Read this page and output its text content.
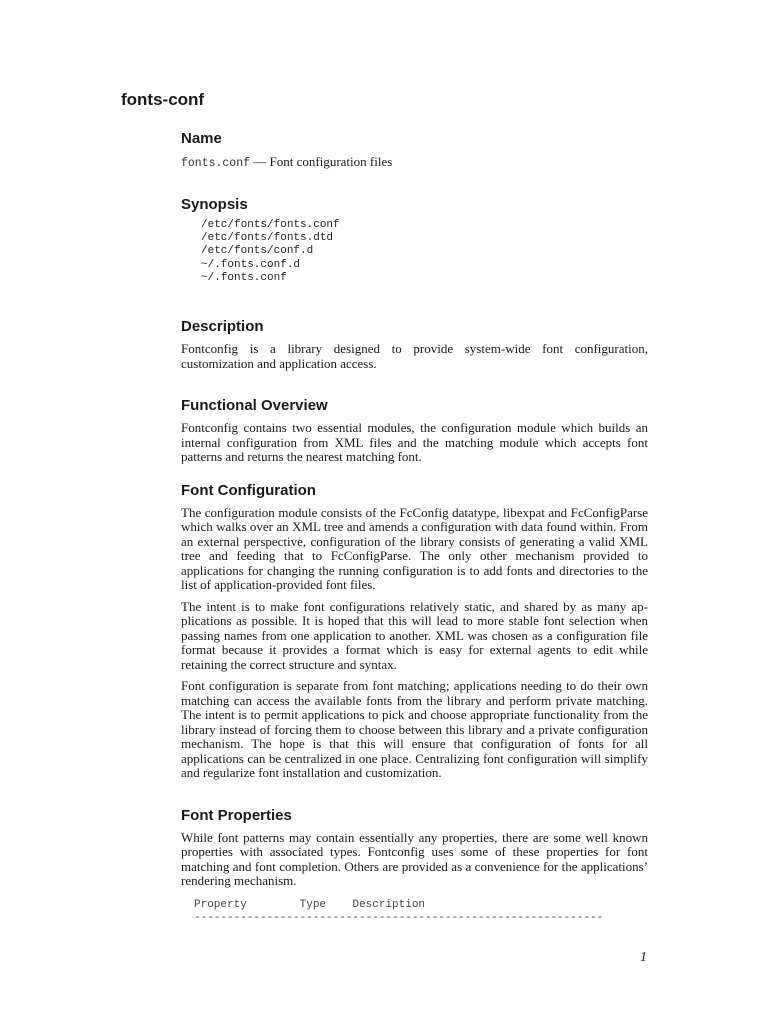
fonts-conf
Name
fonts.conf — Font configuration files
Synopsis
/etc/fonts/fonts.conf
/etc/fonts/fonts.dtd
/etc/fonts/conf.d
~/.fonts.conf.d
~/.fonts.conf
Description

Fontconfig is a library designed to provide system-wide font configuration, customization and application access.

Functional Overview

Fontconfig contains two essential modules, the configuration module which builds an internal configuration from XML files and the matching module which accepts font patterns and returns the nearest matching font.

Font Configuration

The configuration module consists of the FcConfig datatype, libexpat and FcConfigParse which walks over an XML tree and amends a configuration with data found within. From an external perspective, configuration of the library consists of generating a valid XML tree and feeding that to FcConfigParse. The only other mechanism provided to applications for changing the running configuration is to add fonts and directories to the list of application-provided font files.

The intent is to make font configurations relatively static, and shared by as many applications as possible. It is hoped that this will lead to more stable font selection when passing names from one application to another. XML was chosen as a configuration file format because it provides a format which is easy for external agents to edit while retaining the correct structure and syntax.

Font configuration is separate from font matching; applications needing to do their own matching can access the available fonts from the library and perform private matching. The intent is to permit applications to pick and choose appropriate functionality from the library instead of forcing them to choose between this library and a private configuration mechanism. The hope is that this will ensure that configuration of fonts for all applications can be centralized in one place. Centralizing font configuration will simplify and regularize font installation and customization.

Font Properties

While font patterns may contain essentially any properties, there are some well known properties with associated types. Fontconfig uses some of these properties for font matching and font completion. Others are provided as a convenience for the applications’ rendering mechanism.

Property        Type    Description
--------------------------------------------------------------
1
